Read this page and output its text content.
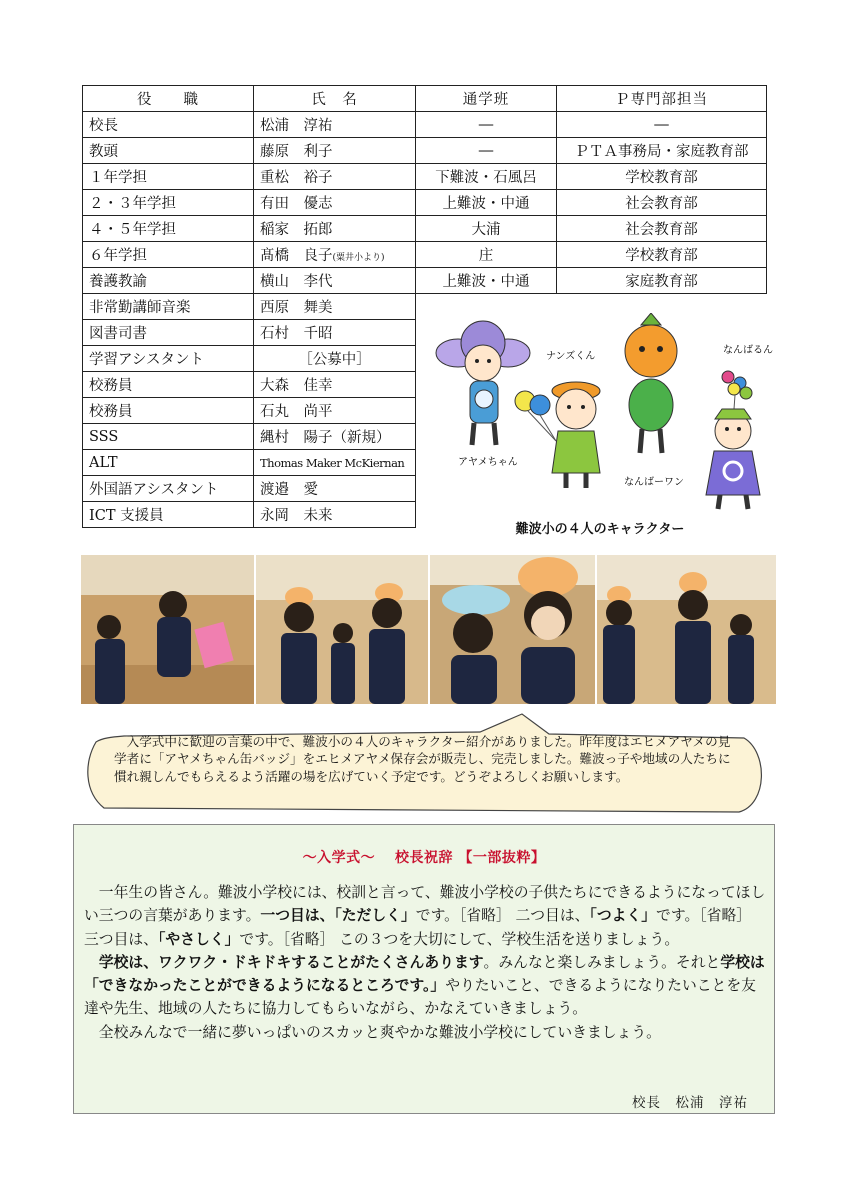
役　　職	氏　名	通学班	Ｐ専門部担当
校長	松浦　淳祐	―	―
教頭	藤原　利子	―	ＰＴＡ事務局・家庭教育部
１年学担	重松　裕子	下難波・石風呂	学校教育部
２・３年学担	有田　優志	上難波・中通	社会教育部
４・５年学担	稲家　拓郎	大浦	社会教育部
６年学担	髙橋　良子(粟井小より)	庄	学校教育部
養護教諭	横山　李代	上難波・中通	家庭教育部
非常勤講師音楽	西原　舞美		
図書司書	石村　千昭		
学習アシスタント	［公募中］		
校務員	大森　佳幸		
校務員	石丸　尚平		
SSS	縄村　陽子（新規）		
ALT	Thomas Maker McKiernan		
外国語アシスタント	渡邉　愛		
ICT 支援員	永岡　未来		
ナンズくん
なんばるん
アヤメちゃん
なんばーワン
難波小の４人のキャラクター
　入学式中に歓迎の言葉の中で、難波小の４人のキャラクター紹介がありました。昨年度はエヒメアヤメの見学者に「アヤメちゃん缶バッジ」をエヒメアヤメ保存会が販売し、完売しました。難波っ子や地域の人たちに慣れ親しんでもらえるよう活躍の場を広げていく予定です。どうぞよろしくお願いします。
～入学式～　 校長祝辞 【一部抜粋】

　一年生の皆さん。難波小学校には、校訓と言って、難波小学校の子供たちにできるようになってほしい三つの言葉があります。一つ目は、「ただしく」です。［省略］ 二つ目は、「つよく」です。［省略］ 三つ目は、「やさしく」です。［省略］ この３つを大切にして、学校生活を送りましょう。

　学校は、ワクワク・ドキドキすることがたくさんあります。みんなと楽しみましょう。それと学校は「できなかったことができるようになるところです。」やりたいこと、できるようになりたいことを友達や先生、地域の人たちに協力してもらいながら、かなえていきましょう。

　全校みんなで一緒に夢いっぱいのスカッと爽やかな難波小学校にしていきましょう。

校長　松浦　淳祐
